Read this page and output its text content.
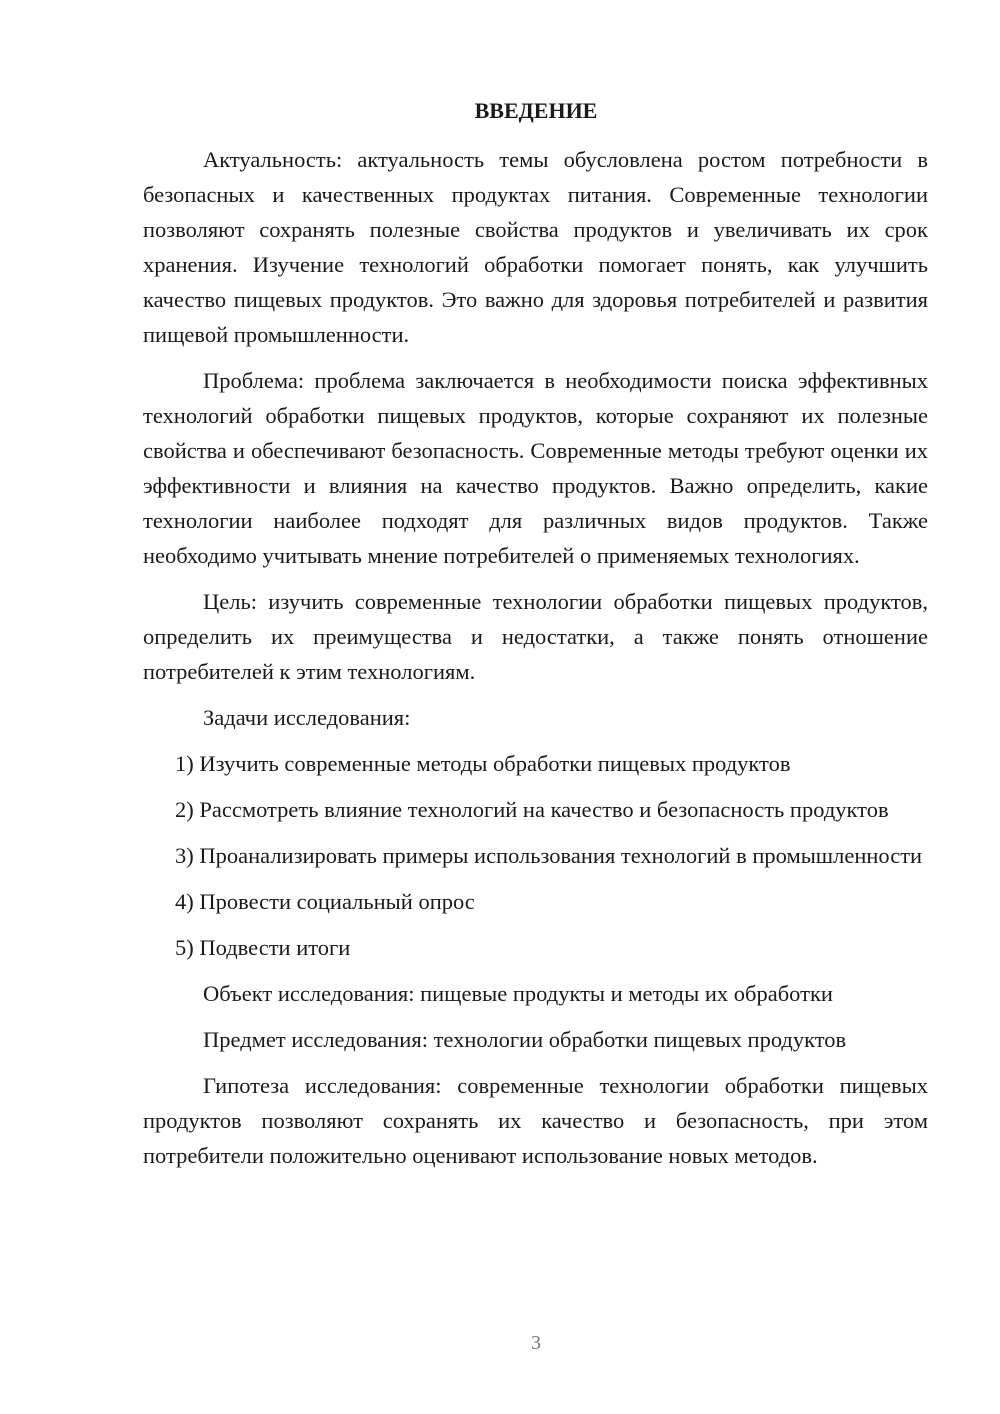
ВВЕДЕНИЕ

Актуальность: актуальность темы обусловлена ростом потребности в безопасных и качественных продуктах питания. Современные технологии позволяют сохранять полезные свойства продуктов и увеличивать их срок хранения. Изучение технологий обработки помогает понять, как улучшить качество пищевых продуктов. Это важно для здоровья потребителей и развития пищевой промышленности.

Проблема: проблема заключается в необходимости поиска эффективных технологий обработки пищевых продуктов, которые сохраняют их полезные свойства и обеспечивают безопасность. Современные методы требуют оценки их эффективности и влияния на качество продуктов. Важно определить, какие технологии наиболее подходят для различных видов продуктов. Также необходимо учитывать мнение потребителей о применяемых технологиях.

Цель: изучить современные технологии обработки пищевых продуктов, определить их преимущества и недостатки, а также понять отношение потребителей к этим технологиям.

Задачи исследования:

1) Изучить современные методы обработки пищевых продуктов

2) Рассмотреть влияние технологий на качество и безопасность продуктов

3) Проанализировать примеры использования технологий в промышленности

4) Провести социальный опрос

5) Подвести итоги

Объект исследования: пищевые продукты и методы их обработки

Предмет исследования: технологии обработки пищевых продуктов

Гипотеза исследования: современные технологии обработки пищевых продуктов позволяют сохранять их качество и безопасность, при этом потребители положительно оценивают использование новых методов.

3
